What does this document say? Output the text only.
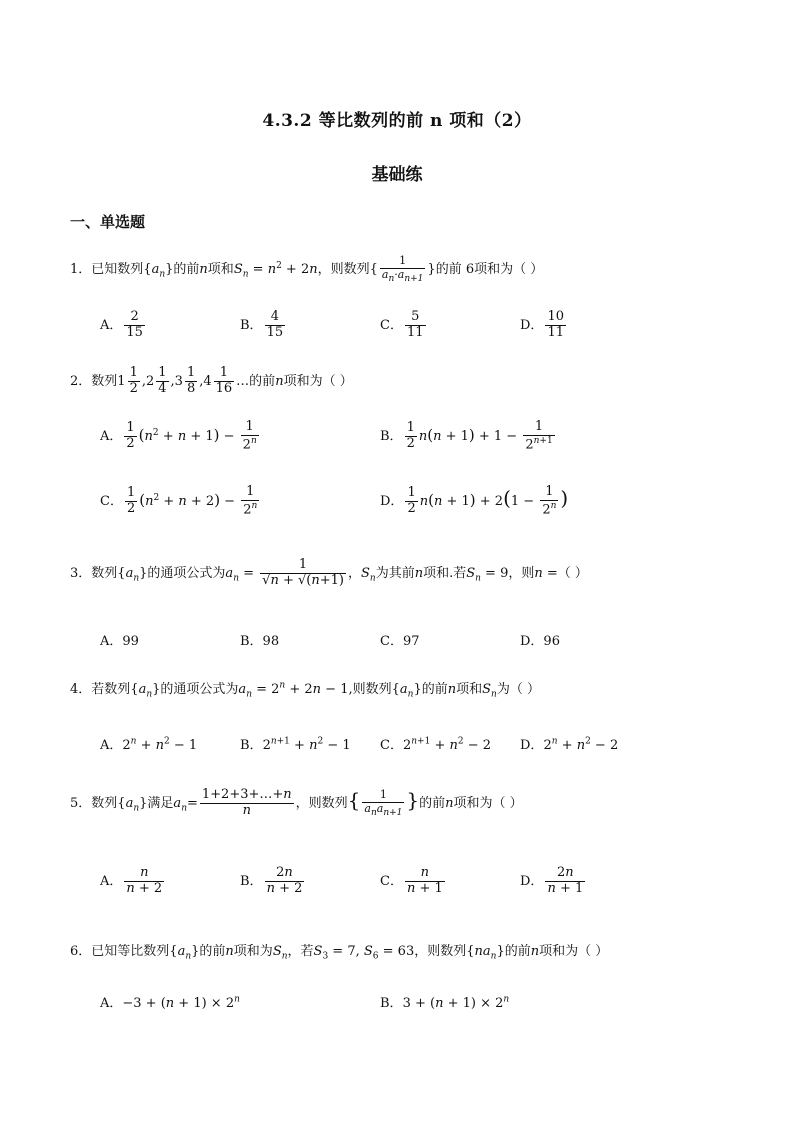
4.3.2 等比数列的前 n 项和（2）
基础练
一、单选题
1．已知数列$\{a_n\}$的前n项和$S_n = n^2 + 2n$，则数列{ $\frac{1}{a_n\cdot a_{n+1}}$ }的前 6项和为（ ）
A． $\frac{2}{15}$	B． $\frac{4}{15}$	C． $\frac{5}{11}$	D． $\frac{10}{11}$
2．数列$1 \frac{1}{2} ,2 \frac{1}{4} ,3 \frac{1}{8} ,4 \frac{1}{16}$ …的前n项和为（ ）
A． $\frac{1}{2} (n^2 + n + 1) - \frac{1}{2^n}$	B． $\frac{1}{2} n(n + 1) + 1 - \frac{1}{2^{n+1}}$
C． $\frac{1}{2} (n^2 + n + 2) - \frac{1}{2^n}$	D． $\frac{1}{2} n(n + 1) + 2(1 - \frac{1}{2^n}$ )
3．数列$\{a_n\}$的通项公式为$a_n = \frac{1}{√n + √(n+1)}$ ，$S_n$为其前n项和.若$S_n = 9$，则n =（ ）
A．99	B．98	C．97	D．96
4．若数列$\{a_n\}$的通项公式为$a_n = 2^n + 2n - 1$,则数列$\{a_n\}$的前n项和$S_n$为（ ）
A．$2^n + n^2 - 1$	B．$2^{n+1} + n^2 - 1$ C．$2^{n+1} + n^2 - 2$ D．$2^n + n^2 - 2$
5．数列$\{a_n\}$满足$a_n= \frac{1+2+3+\dots+n}{n}$ ，则数列{ $\frac{1}{a_na_{n+1}}$ }的前n项和为（ ）
A． $\frac{n}{n + 2}$	B． $\frac{2n}{n + 2}$	C． $\frac{n}{n + 1}$	D． $\frac{2n}{n + 1}$
6．已知等比数列$\{a_n\}$的前n项和为$S_n$，若$S_3 = 7$, $S_6 = 63$，则数列$\{na_n\}$的前n项和为（ ）
A．$-3 + (n + 1) \times 2^n$	B．$3 + (n + 1) \times 2^n$
